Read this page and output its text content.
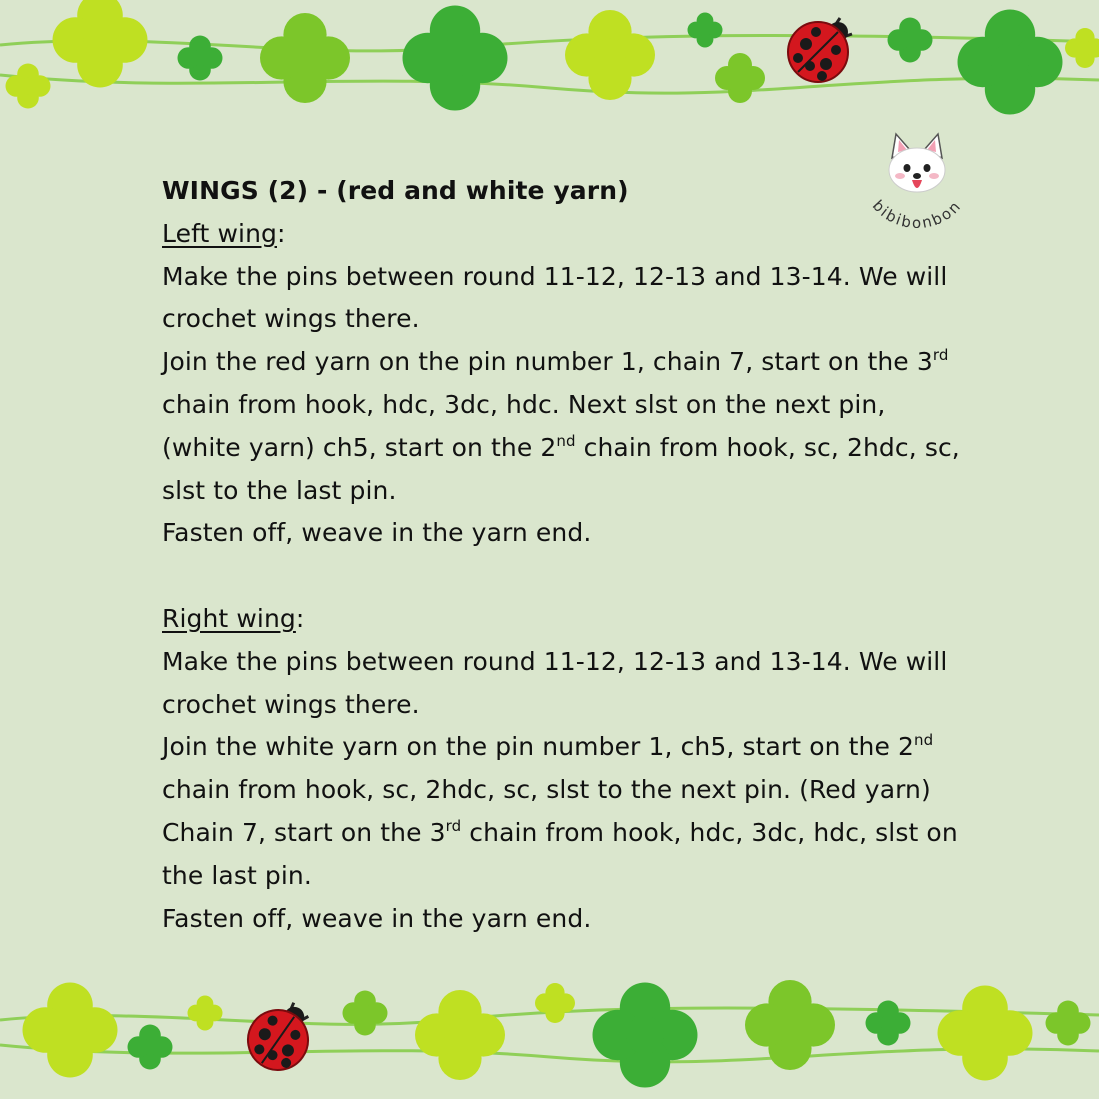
bibibonbon

WINGS (2) - (red and white yarn)

Left wing:

Make the pins between round 11-12, 12-13 and 13-14. We will crochet wings there.

Join the red yarn on the pin number 1, chain 7, start on the 3rd chain from hook, hdc, 3dc, hdc. Next slst on the next pin, (white yarn) ch5, start on the 2nd chain from hook, sc, 2hdc, sc, slst to the last pin.

Fasten off, weave in the yarn end.

Right wing:

Make the pins between round 11-12, 12-13 and 13-14. We will crochet wings there.

Join the white yarn on the pin number 1, ch5, start on the 2nd chain from hook, sc, 2hdc, sc, slst to the next pin. (Red yarn) Chain 7, start on the 3rd chain from hook, hdc, 3dc, hdc, slst on the last pin.

Fasten off, weave in the yarn end.
